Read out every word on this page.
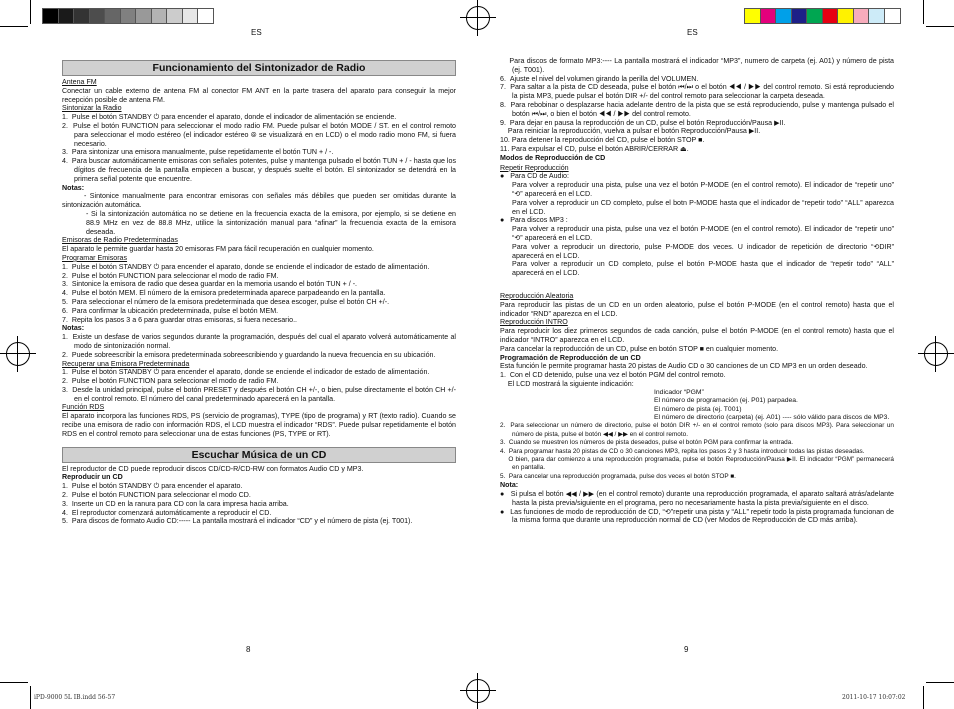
ES	ES
Funcionamiento del Sintonizador de Radio

Antena FM

Conectar un cable externo de antena FM al conector FM ANT en la parte trasera del aparato para conseguir la mejor recepción posible de antena FM.

Sintonizar la Radio

1.  Pulse el botón STANDBY ⏻ para encender el aparato, donde el indicador de alimentación se enciende.

2.  Pulse el botón FUNCTION para seleccionar el modo radio FM. Puede pulsar el botón MODE / ST. en el control remoto para seleccionar el modo estéreo (el indicador estéreo ⦾ se visualizará en en LCD) o el modo radio mono FM, si fuera necesario.

3.  Para sintonizar una emisora manualmente, pulse repetidamente el botón TUN + / -.

4.  Para buscar automáticamente emisoras con señales potentes, pulse y mantenga pulsado el botón TUN + / - hasta que los dígitos de frecuencia de la pantalla empiecen a buscar, y después suelte el botón. El sintonizador se detendrá en la primera señal potente que encuentre.

Notas:

- Sintonice manualmente para encontrar emisoras con señales más débiles que pueden ser omitidas durante la sintonización automática.

- Si la sintonización automática no se detiene en la frecuencia exacta de la emisora, por ejemplo, si se detiene en 88.9 MHz en vez de 88.8 MHz, utilice la sintonización manual para “afinar” la frecuencia exacta de la emisora deseada.

Emisoras de Radio Predeterminadas

El aparato le permite guardar hasta 20 emisoras FM para fácil recuperación en cualquier momento.

Programar Emisoras

1.  Pulse el botón STANDBY ⏻ para encender el aparato, donde se enciende el indicador de estado de alimentación.

2.  Pulse el botón FUNCTION para seleccionar el modo de radio FM.

3.  Sintonice la emisora de radio que desea guardar en la memoria usando el botón TUN + / -.

4.  Pulse el botón MEM. El número de la emisora predeterminada aparece parpadeando en la pantalla.

5.  Para seleccionar el número de la emisora predeterminada que desea escoger, pulse el botón CH +/-.

6.  Para confirmar la ubicación predeterminada, pulse el botón MEM.

7.  Repita los pasos 3 a 6 para guardar otras emisoras, si fuera necesario..

Notas:

1.  Existe un desfase de varios segundos durante la programación, después del cual el aparato volverá automáticamente al modo de sintonización normal.

2.  Puede sobreescribir la emisora predeterminada sobreescribiendo y guardando la nueva frecuencia en su ubicación.

Recuperar una Emisora Predeterminada

1.  Pulse el botón STANDBY ⏻ para encender el aparato, donde se enciende el indicador de estado de alimentación.

2.  Pulse el botón FUNCTION para seleccionar el modo de radio FM.

3.  Desde la unidad principal, pulse el botón PRESET y después el botón CH +/-, o bien, pulse directamente el botón CH +/- en el control remoto. El número del canal predeterminado aparecerá en la pantalla.

Función RDS

El aparato incorpora las funciones RDS, PS (servicio de programas), TYPE (tipo de programa) y RT (texto radio). Cuando se recibe una emisora de radio con información RDS, el LCD muestra el indicador “RDS”. Puede pulsar repetidamente el botón RDS en el control remoto para seleccionar una de estas funciones (PS, TYPE or RT).

Escuchar Música de un CD

El reproductor de CD puede reproducir discos CD/CD-R/CD-RW con formatos Audio CD y MP3.

Reproducir un CD

1.  Pulse el botón STANDBY ⏻ para encender el aparato.

2.  Pulse el botón FUNCTION para seleccionar el modo CD.

3.  Inserte un CD en la ranura para CD con la cara impresa hacia arriba.

4.  El reproductor comenzará automáticamente a reproducir el CD.

5.  Para discos de formato Audio CD:----- La pantalla mostrará el indicador “CD” y el número de pista (ej. T001).

8

Para discos de formato MP3:---- La pantalla mostrará el indicador “MP3”, numero de carpeta (ej. A01) y número de pista (ej. T001).

6.  Ajuste el nivel del volumen girando la perilla del VOLUMEN.

7.  Para saltar a la pista de CD deseada, pulse el botón ⏮/⏭ o el botón ◀◀ / ▶▶ del control remoto. Si está reproduciendo la pista MP3, puede pulsar el botón DIR +/- del control remoto para seleccionar la carpeta deseada.

8.  Para rebobinar o desplazarse hacia adelante dentro de la pista que se está reproduciendo, pulse y mantenga pulsado el botón ⏮/⏭, o bien el botón ◀◀ / ▶▶ del control remoto.

9.  Para dejar en pausa la reproducción de un CD, pulse el botón Reproducción/Pausa ▶II.

Para reiniciar la reproducción, vuelva a pulsar el botón Reproducción/Pausa ▶II.

10. Para detener la reproducción del CD, pulse el botón STOP ■.

11. Para expulsar el CD, pulse el botón ABRIR/CERRAR ⏏.

Modos de Reproducción de CD

Repetir Reproducción

●   Para CD de Audio:

Para volver a reproducir una pista, pulse una vez el botón P-MODE (en el control remoto). El indicador de “repetir uno” “⟲” aparecerá en el LCD.

Para volver a reproducir un CD completo, pulse el botn P-MODE hasta que el indicador de “repetir todo” “ALL” aparezca en el LCD.

●   Para discos MP3 :

Para volver a reproducir una pista, pulse una vez el botón P-MODE (en el control remoto). El indicador de “repetir uno” “⟲” aparecerá en el LCD.

Para volver a reproducir un directorio, pulse P-MODE dos veces. U indicador de repetición de directorio “⟲DIR” aparecerá en el LCD.

Para volver a reproducir un CD completo, pulse el botón P-MODE hasta que el indicador de “repetir todo” “ALL” aparecerá en el LCD.

Reproducción Aleatoria

Para reproducir las pistas de un CD en un orden aleatorio, pulse el botón P-MODE (en el control remoto) hasta que el indicador “RND” aparezca en el LCD.

Reproducción INTRO

Para reproducir los diez primeros segundos de cada canción, pulse el botón P-MODE (en el control remoto) hasta que el indicador “INTRO” aparezca en el LCD.

Para cancelar la reproducción de un CD, pulse en botón STOP ■ en cualquier momento.

Programación de Reproducción de un CD

Esta función le permite programar hasta 20 pistas de Audio CD o 30 canciones de un CD MP3 en un orden deseado.

1.  Con el CD detenido, pulse una vez el botón PGM del control remoto.

El LCD mostrará la siguiente indicación:

Indicador “PGM”

El número de programación (ej. P01) parpadea.

El número de pista (ej. T001)

El número de directorio (carpeta) (ej. A01) ---- sólo válido para discos de MP3.

2.  Para seleccionar un número de directorio, pulse el botón DIR +/- en el control remoto (solo para discos MP3). Para seleccionar un número de pista, pulse el botón ◀◀ / ▶▶ en el control remoto.

3.  Cuando se muestren los números de pista deseados, pulse el botón PGM para confirmar la entrada.

4.  Para programar hasta 20 pistas de CD o 30 canciones MP3, repita los pasos 2 y 3 hasta introducir todas las pistas deseadas.

O bien, para dar comienzo a una reproducción programada, pulse el botón Reproducción/Pausa ▶II. El indicador “PGM” permanecerá en pantalla.

5.  Para cancelar una reproducción programada, pulse dos veces el botón STOP ■.

Nota:

●   Si pulsa el botón ◀◀ / ▶▶ (en el control remoto) durante una reproducción programada, el aparato saltará atrás/adelante hasta la pista previa/siguiente en el programa, pero no necesariamente hasta la pista previa/siguiente en el disco.

●   Las funciones de modo de reproducción de CD, “⟲”repetir una pista y “ALL” repetir todo la pista programada funcionan de la misma forma que durante una reproducción normal de CD (ver Modos de Reproducción de CD más arriba).

9
iPD-9000 5L IB.indd 56-57	2011-10-17 10:07:02
